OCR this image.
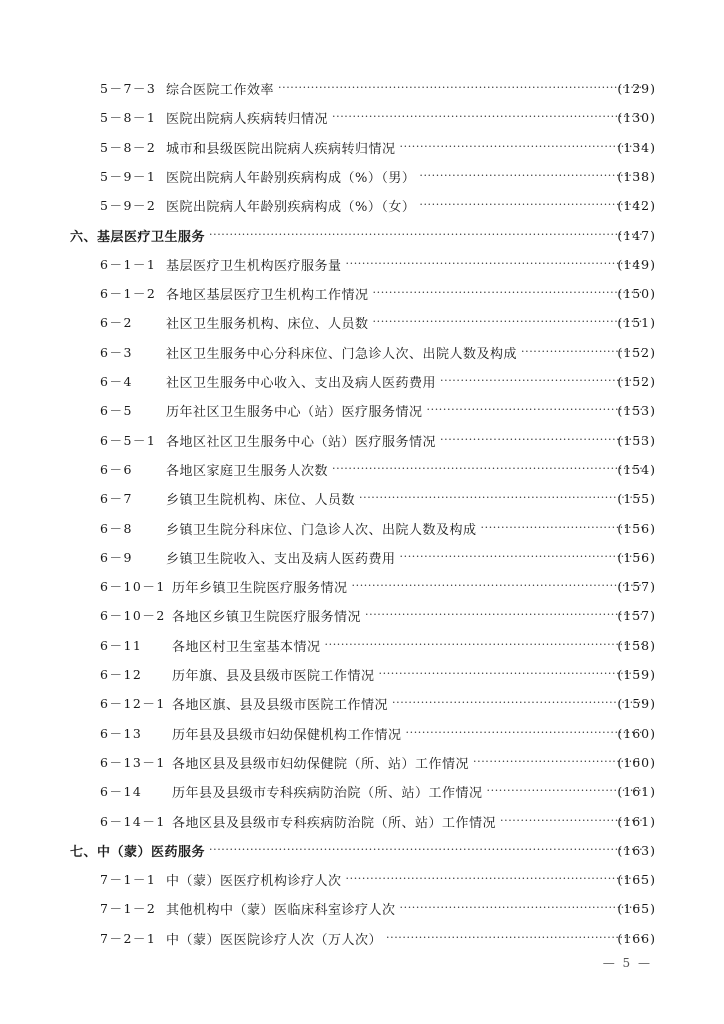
5－7－3 综合医院工作效率 ·····	(129)
5－8－1 医院出院病人疾病转归情况 ·····	(130)
5－8－2 城市和县级医院出院病人疾病转归情况 ·····	(134)
5－9－1 医院出院病人年龄别疾病构成（%）（男） ·····	(138)
5－9－2 医院出院病人年龄别疾病构成（%）（女） ·····	(142)
六、基层医疗卫生服务 ·····	(147)
6－1－1 基层医疗卫生机构医疗服务量 ·····	(149)
6－1－2 各地区基层医疗卫生机构工作情况 ·····	(150)
6－2	社区卫生服务机构、床位、人员数 ·····	(151)
6－3	社区卫生服务中心分科床位、门急诊人次、出院人数及构成 ·····	(152)
6－4	社区卫生服务中心收入、支出及病人医药费用 ·····	(152)
6－5	历年社区卫生服务中心（站）医疗服务情况 ·····	(153)
6－5－1 各地区社区卫生服务中心（站）医疗服务情况 ·····	(153)
6－6	各地区家庭卫生服务人次数 ·····	(154)
6－7	乡镇卫生院机构、床位、人员数 ·····	(155)
6－8	乡镇卫生院分科床位、门急诊人次、出院人数及构成 ·····	(156)
6－9	乡镇卫生院收入、支出及病人医药费用 ·····	(156)
6－10－1 历年乡镇卫生院医疗服务情况 ·····	(157)
6－10－2 各地区乡镇卫生院医疗服务情况 ·····	(157)
6－11 各地区村卫生室基本情况 ·····	(158)
6－12 历年旗、县及县级市医院工作情况 ·····	(159)
6－12－1 各地区旗、县及县级市医院工作情况 ·····	(159)
6－13 历年县及县级市妇幼保健机构工作情况 ·····	(160)
6－13－1 各地区县及县级市妇幼保健院（所、站）工作情况 ·····	(160)
6－14 历年县及县级市专科疾病防治院（所、站）工作情况 ·····	(161)
6－14－1 各地区县及县级市专科疾病防治院（所、站）工作情况 ·····	(161)
七、中（蒙）医药服务 ·····	(163)
7－1－1 中（蒙）医医疗机构诊疗人次 ·····	(165)
7－1－2 其他机构中（蒙）医临床科室诊疗人次 ·····	(165)
7－2－1 中（蒙）医医院诊疗人次（万人次） ·····	(166)
— 5 —
